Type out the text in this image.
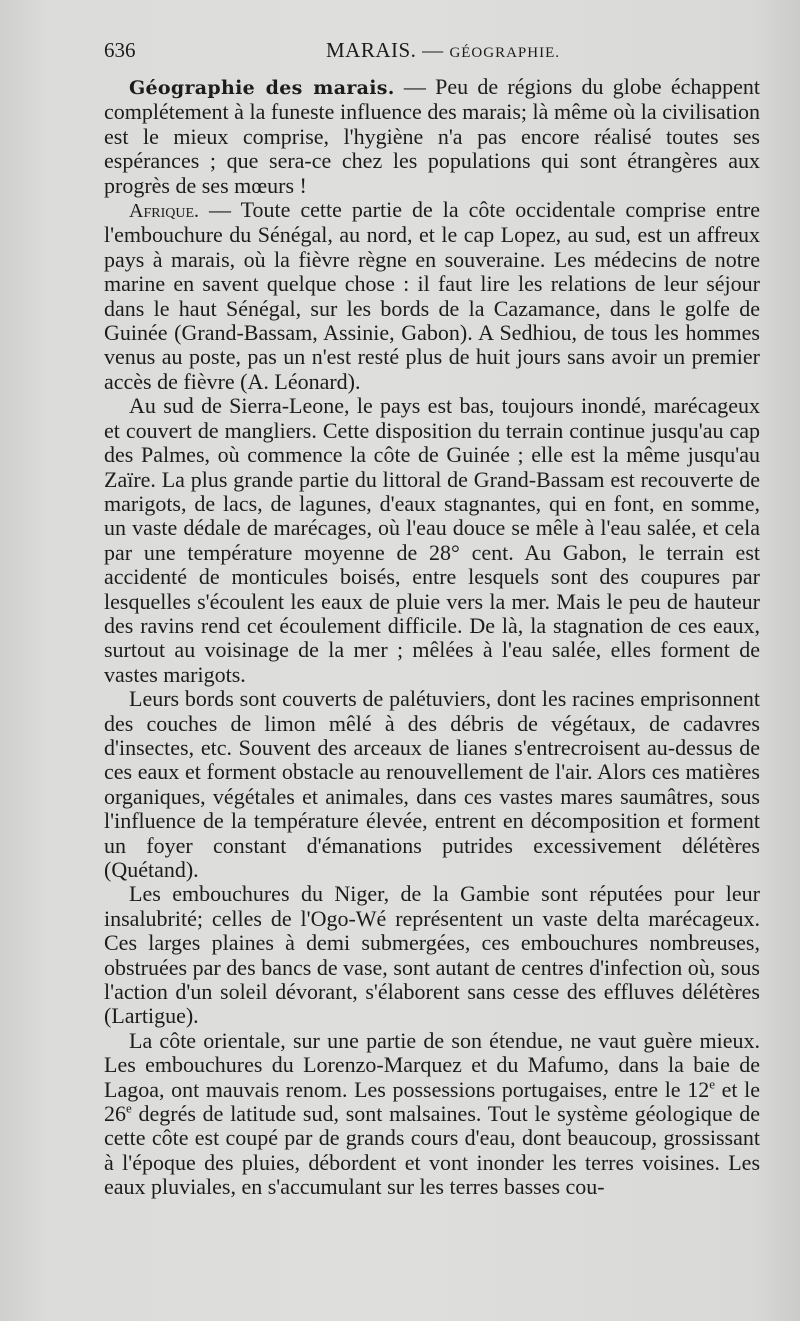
636	MARAIS. — GÉOGRAPHIE.

Géographie des marais. — Peu de régions du globe échappent complétement à la funeste influence des marais; là même où la civilisation est le mieux comprise, l'hygiène n'a pas encore réalisé toutes ses espérances ; que sera-ce chez les populations qui sont étrangères aux progrès de ses mœurs !

Afrique. — Toute cette partie de la côte occidentale comprise entre l'embouchure du Sénégal, au nord, et le cap Lopez, au sud, est un affreux pays à marais, où la fièvre règne en souveraine. Les médecins de notre marine en savent quelque chose : il faut lire les relations de leur séjour dans le haut Sénégal, sur les bords de la Cazamance, dans le golfe de Guinée (Grand-Bassam, Assinie, Gabon). A Sedhiou, de tous les hommes venus au poste, pas un n'est resté plus de huit jours sans avoir un premier accès de fièvre (A. Léonard).

Au sud de Sierra-Leone, le pays est bas, toujours inondé, marécageux et couvert de mangliers. Cette disposition du terrain continue jusqu'au cap des Palmes, où commence la côte de Guinée ; elle est la même jusqu'au Zaïre. La plus grande partie du littoral de Grand-Bassam est recouverte de marigots, de lacs, de lagunes, d'eaux stagnantes, qui en font, en somme, un vaste dédale de marécages, où l'eau douce se mêle à l'eau salée, et cela par une température moyenne de 28° cent. Au Gabon, le terrain est accidenté de monticules boisés, entre lesquels sont des coupures par lesquelles s'écoulent les eaux de pluie vers la mer. Mais le peu de hauteur des ravins rend cet écoulement difficile. De là, la stagnation de ces eaux, surtout au voisinage de la mer ; mêlées à l'eau salée, elles forment de vastes marigots.

Leurs bords sont couverts de palétuviers, dont les racines emprisonnent des couches de limon mêlé à des débris de végétaux, de cadavres d'insectes, etc. Souvent des arceaux de lianes s'entrecroisent au-dessus de ces eaux et forment obstacle au renouvellement de l'air. Alors ces matières organiques, végétales et animales, dans ces vastes mares saumâtres, sous l'influence de la température élevée, entrent en décomposition et forment un foyer constant d'émanations putrides excessivement délétères (Quétand).

Les embouchures du Niger, de la Gambie sont réputées pour leur insalubrité; celles de l'Ogo-Wé représentent un vaste delta marécageux. Ces larges plaines à demi submergées, ces embouchures nombreuses, obstruées par des bancs de vase, sont autant de centres d'infection où, sous l'action d'un soleil dévorant, s'élaborent sans cesse des effluves délétères (Lartigue).

La côte orientale, sur une partie de son étendue, ne vaut guère mieux. Les embouchures du Lorenzo-Marquez et du Mafumo, dans la baie de Lagoa, ont mauvais renom. Les possessions portugaises, entre le 12e et le 26e degrés de latitude sud, sont malsaines. Tout le système géologique de cette côte est coupé par de grands cours d'eau, dont beaucoup, grossissant à l'époque des pluies, débordent et vont inonder les terres voisines. Les eaux pluviales, en s'accumulant sur les terres basses cou-
